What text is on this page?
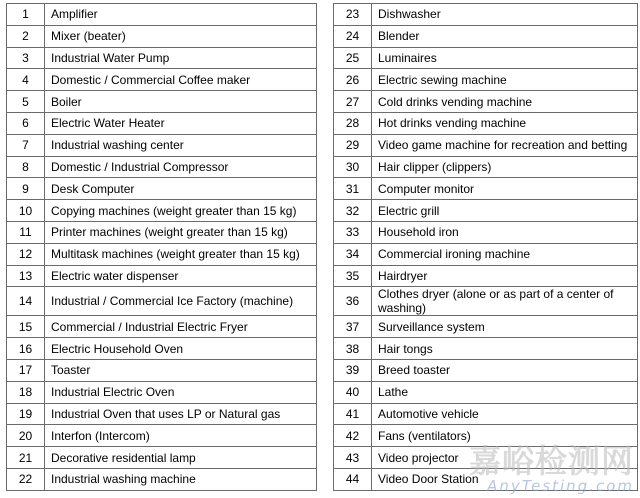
1	Amplifier
2	Mixer (beater)
3	Industrial Water Pump
4	Domestic / Commercial Coffee maker
5	Boiler
6	Electric Water Heater
7	Industrial washing center
8	Domestic / Industrial Compressor
9	Desk Computer
10	Copying machines (weight greater than 15 kg)
11	Printer machines (weight greater than 15 kg)
12	Multitask machines (weight greater than 15 kg)
13	Electric water dispenser
14	Industrial / Commercial Ice Factory (machine)
15	Commercial / Industrial Electric Fryer
16	Electric Household Oven
17	Toaster
18	Industrial Electric Oven
19	Industrial Oven that uses LP or Natural gas
20	Interfon (Intercom)
21	Decorative residential lamp
22	Industrial washing machine
23	Dishwasher
24	Blender
25	Luminaires
26	Electric sewing machine
27	Cold drinks vending machine
28	Hot drinks vending machine
29	Video game machine for recreation and betting
30	Hair clipper (clippers)
31	Computer monitor
32	Electric grill
33	Household iron
34	Commercial ironing machine
35	Hairdryer
36	Clothes dryer (alone or as part of a center of washing)
37	Surveillance system
38	Hair tongs
39	Breed toaster
40	Lathe
41	Automotive vehicle
42	Fans (ventilators)
43	Video projector
44	Video Door Station
嘉峪检测网
AnyTesting.com
